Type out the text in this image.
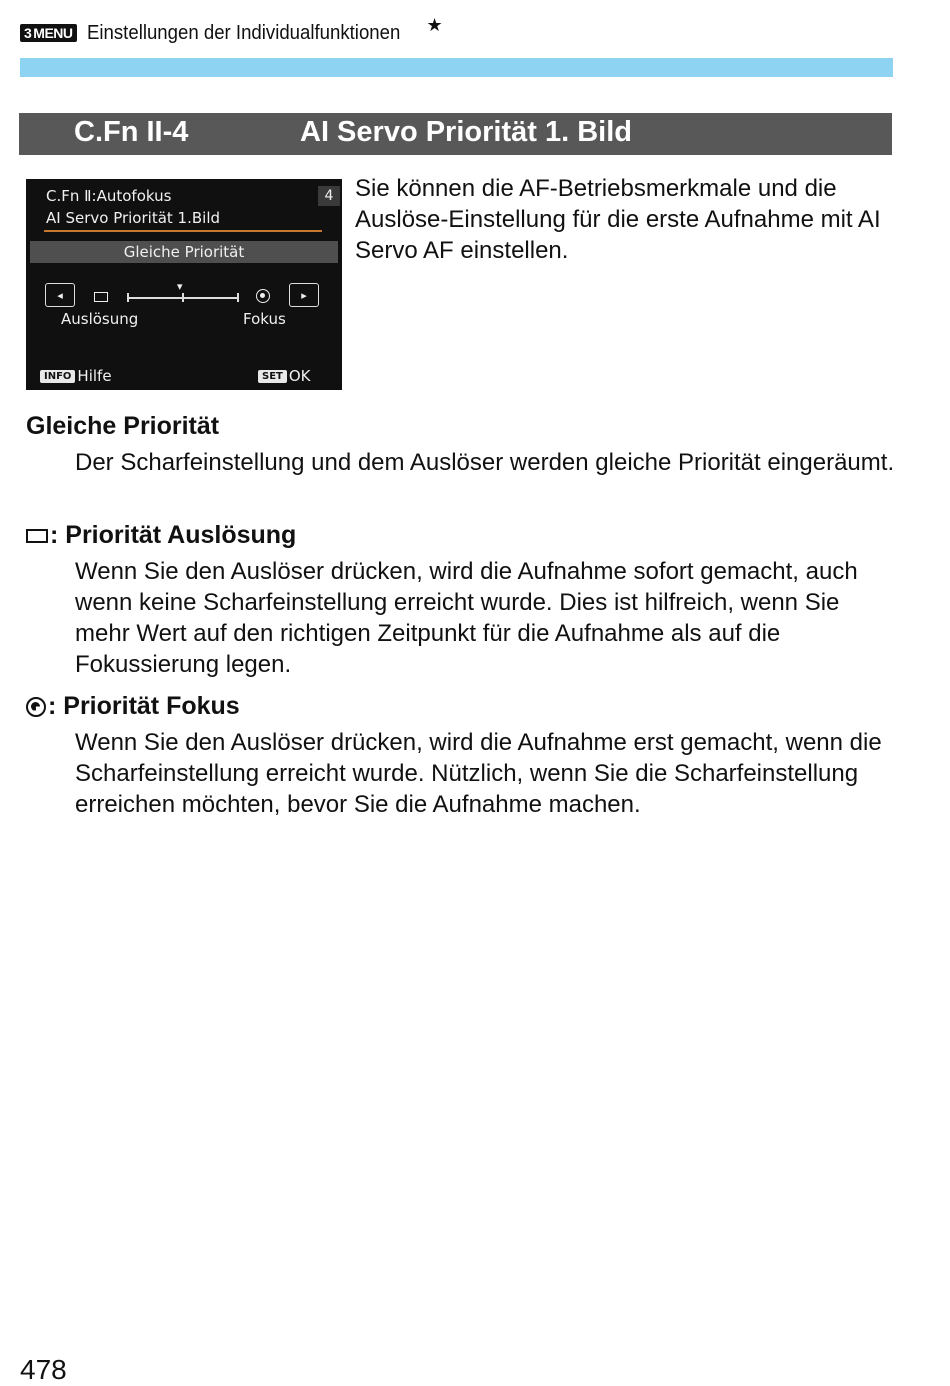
3 MENU Einstellungen der Individualfunktionen ★
C.Fn II-4	AI Servo Priorität 1. Bild
C.Fn Ⅱ:Autofokus	4
AI Servo Priorität 1.Bild
Gleiche Priorität
◂
▾
▸
Auslösung	Fokus
INFO Hilfe	SET OK

Sie können die AF-Betriebsmerkmale und die Auslöse-Einstellung für die erste Aufnahme mit AI Servo AF einstellen.

Gleiche Priorität

Der Scharfeinstellung und dem Auslöser werden gleiche Priorität eingeräumt.

: Priorität Auslösung

Wenn Sie den Auslöser drücken, wird die Aufnahme sofort gemacht, auch wenn keine Scharfeinstellung erreicht wurde. Dies ist hilfreich, wenn Sie mehr Wert auf den richtigen Zeitpunkt für die Aufnahme als auf die Fokussierung legen.

: Priorität Fokus

Wenn Sie den Auslöser drücken, wird die Aufnahme erst gemacht, wenn die Scharfeinstellung erreicht wurde. Nützlich, wenn Sie die Scharfeinstellung erreichen möchten, bevor Sie die Aufnahme machen.

478
